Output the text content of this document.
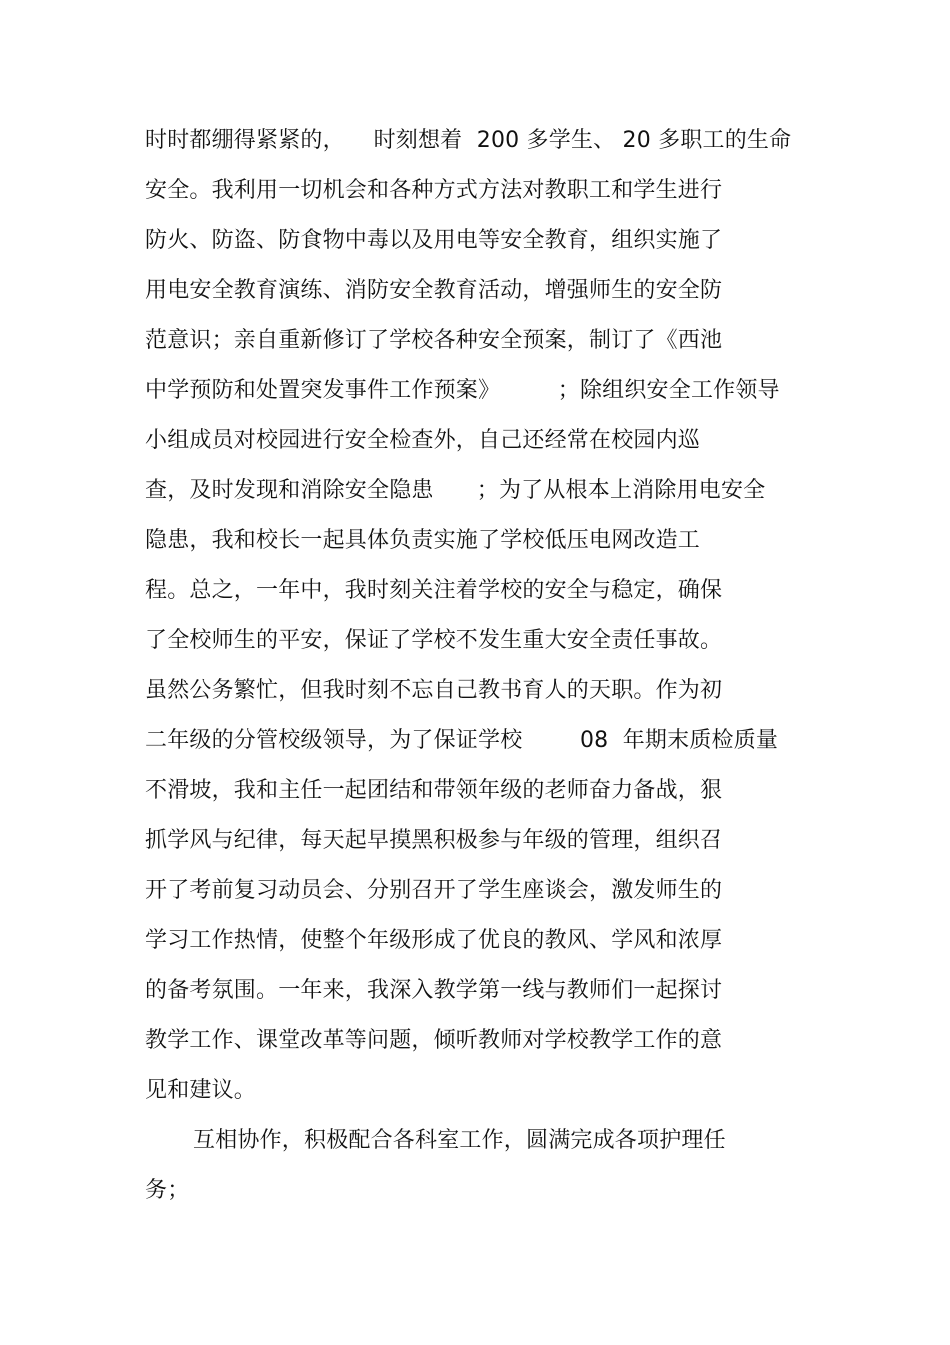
时时都绷得紧紧的，    时刻想着  200 多学生、 20 多职工的生命
安全。我利用一切机会和各种方式方法对教职工和学生进行
防火、防盗、防食物中毒以及用电等安全教育，组织实施了
用电安全教育演练、消防安全教育活动，增强师生的安全防
范意识；亲自重新修订了学校各种安全预案，制订了《西池
中学预防和处置突发事件工作预案》        ；除组织安全工作领导
小组成员对校园进行安全检查外，自己还经常在校园内巡
查，及时发现和消除安全隐患      ；为了从根本上消除用电安全
隐患，我和校长一起具体负责实施了学校低压电网改造工
程。总之，一年中，我时刻关注着学校的安全与稳定，确保
了全校师生的平安，保证了学校不发生重大安全责任事故。
虽然公务繁忙，但我时刻不忘自己教书育人的天职。作为初
二年级的分管校级领导，为了保证学校        08  年期末质检质量
不滑坡，我和主任一起团结和带领年级的老师奋力备战，狠
抓学风与纪律，每天起早摸黑积极参与年级的管理，组织召
开了考前复习动员会、分别召开了学生座谈会，激发师生的
学习工作热情，使整个年级形成了优良的教风、学风和浓厚
的备考氛围。一年来，我深入教学第一线与教师们一起探讨
教学工作、课堂改革等问题，倾听教师对学校教学工作的意
见和建议。
互相协作，积极配合各科室工作，圆满完成各项护理任
务；
